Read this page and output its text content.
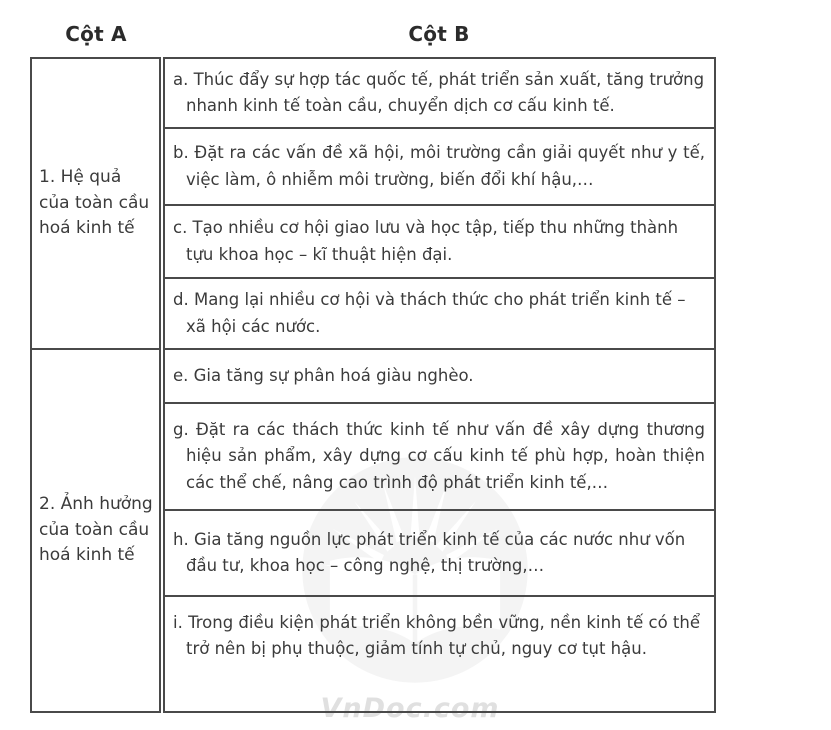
VnDoc.com
Cột A	Cột B
1. Hệ quả của toàn cầu hoá kinh tế
2. Ảnh hưởng của toàn cầu hoá kinh tế
a. Thúc đẩy sự hợp tác quốc tế, phát triển sản xuất, tăng trưởng nhanh kinh tế toàn cầu, chuyển dịch cơ cấu kinh tế.
b. Đặt ra các vấn đề xã hội, môi trường cần giải quyết như y tế, việc làm, ô nhiễm môi trường, biến đổi khí hậu,…
c. Tạo nhiều cơ hội giao lưu và học tập, tiếp thu những thành tựu khoa học – kĩ thuật hiện đại.
d. Mang lại nhiều cơ hội và thách thức cho phát triển kinh tế – xã hội các nước.
e. Gia tăng sự phân hoá giàu nghèo.
g. Đặt ra các thách thức kinh tế như vấn đề xây dựng thương hiệu sản phẩm, xây dựng cơ cấu kinh tế phù hợp, hoàn thiện các thể chế, nâng cao trình độ phát triển kinh tế,…
h. Gia tăng nguồn lực phát triển kinh tế của các nước như vốn đầu tư, khoa học – công nghệ, thị trường,…
i. Trong điều kiện phát triển không bền vững, nền kinh tế có thể trở nên bị phụ thuộc, giảm tính tự chủ, nguy cơ tụt hậu.
